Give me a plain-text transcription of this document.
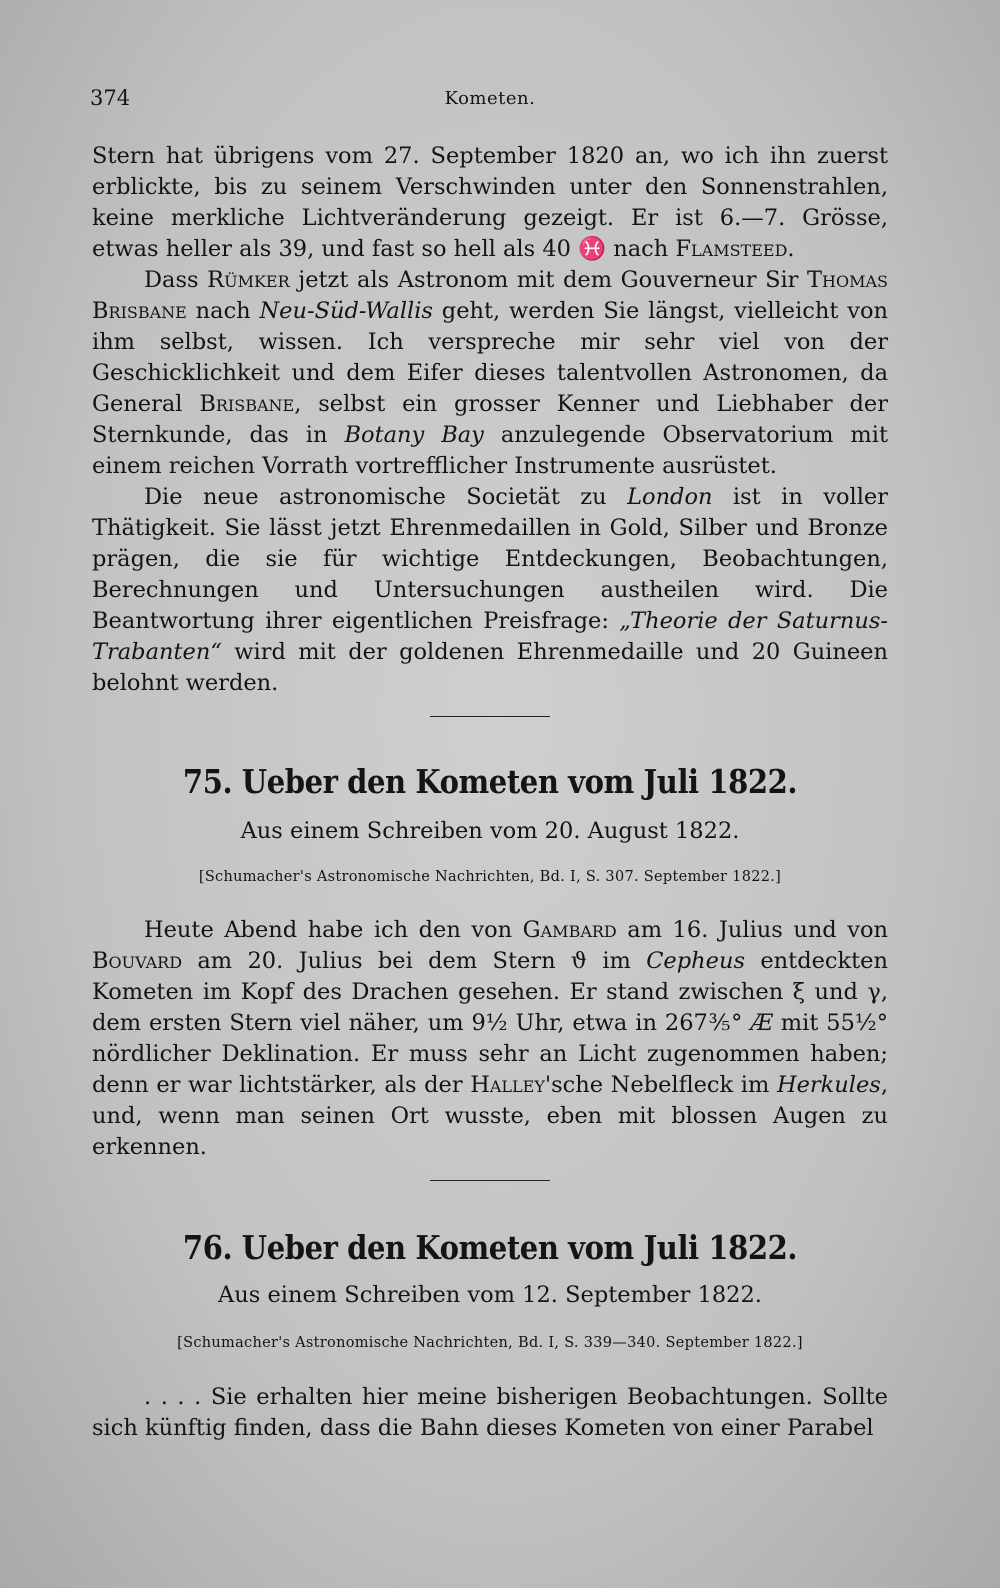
374	Kometen.

Stern hat übrigens vom 27. September 1820 an, wo ich ihn zuerst erblickte, bis zu seinem Verschwinden unter den Sonnenstrahlen, keine merkliche Lichtveränderung gezeigt. Er ist 6.—7. Grösse, etwas heller als 39, und fast so hell als 40 ♓ nach Flamsteed.

Dass Rümker jetzt als Astronom mit dem Gouverneur Sir Thomas Brisbane nach Neu-Süd-Wallis geht, werden Sie längst, vielleicht von ihm selbst, wissen. Ich verspreche mir sehr viel von der Geschicklichkeit und dem Eifer dieses talentvollen Astronomen, da General Brisbane, selbst ein grosser Kenner und Liebhaber der Sternkunde, das in Botany Bay anzulegende Observatorium mit einem reichen Vorrath vortrefflicher Instrumente ausrüstet.

Die neue astronomische Societät zu London ist in voller Thätigkeit. Sie lässt jetzt Ehrenmedaillen in Gold, Silber und Bronze prägen, die sie für wichtige Entdeckungen, Beobachtungen, Berechnungen und Untersuchungen austheilen wird. Die Beantwortung ihrer eigentlichen Preisfrage: „Theorie der Saturnus-Trabanten“ wird mit der goldenen Ehrenmedaille und 20 Guineen belohnt werden.

75. Ueber den Kometen vom Juli 1822.
Aus einem Schreiben vom 20. August 1822.
[Schumacher's Astronomische Nachrichten, Bd. I, S. 307. September 1822.]

Heute Abend habe ich den von Gambard am 16. Julius und von Bouvard am 20. Julius bei dem Stern ϑ im Cepheus entdeckten Kometen im Kopf des Drachen gesehen. Er stand zwischen ξ und γ, dem ersten Stern viel näher, um 9½ Uhr, etwa in 267⅗° Æ mit 55½° nördlicher Deklination. Er muss sehr an Licht zugenommen haben; denn er war lichtstärker, als der Halley'sche Nebelfleck im Herkules, und, wenn man seinen Ort wusste, eben mit blossen Augen zu erkennen.

76. Ueber den Kometen vom Juli 1822.
Aus einem Schreiben vom 12. September 1822.
[Schumacher's Astronomische Nachrichten, Bd. I, S. 339—340. September 1822.]

. . . . Sie erhalten hier meine bisherigen Beobachtungen. Sollte sich künftig finden, dass die Bahn dieses Kometen von einer Parabel
